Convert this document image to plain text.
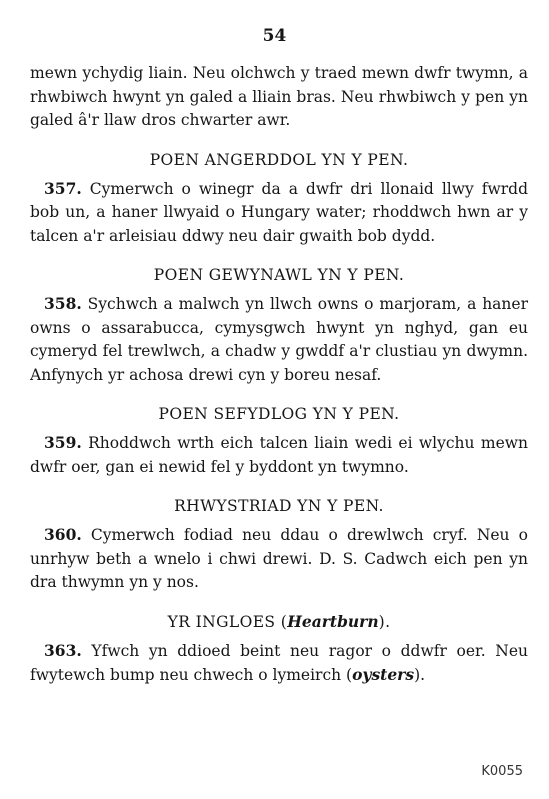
54

mewn ychydig liain. Neu olchwch y traed mewn dwfr twymn, a rhwbiwch hwynt yn galed a lliain bras. Neu rhwbiwch y pen yn galed â'r llaw dros chwarter awr.

POEN ANGERDDOL YN Y PEN.

357. Cymerwch o winegr da a dwfr dri llonaid llwy fwrdd bob un, a haner llwyaid o Hungary water; rhoddwch hwn ar y talcen a'r arleisiau ddwy neu dair gwaith bob dydd.

POEN GEWYNAWL YN Y PEN.

358. Sychwch a malwch yn llwch owns o marjoram, a haner owns o assarabucca, cymysgwch hwynt yn nghyd, gan eu cymeryd fel trewlwch, a chadw y gwddf a'r clustiau yn dwymn. Anfynych yr achosa drewi cyn y boreu nesaf.

POEN SEFYDLOG YN Y PEN.

359. Rhoddwch wrth eich talcen liain wedi ei wlychu mewn dwfr oer, gan ei newid fel y byddont yn twymno.

RHWYSTRIAD YN Y PEN.

360. Cymerwch fodiad neu ddau o drewlwch cryf. Neu o unrhyw beth a wnelo i chwi drewi. D. S. Cadwch eich pen yn dra thwymn yn y nos.

YR INGLOES (Heartburn).

363. Yfwch yn ddioed beint neu ragor o ddwfr oer. Neu fwytewch bump neu chwech o lymeirch (oysters).

K0055
